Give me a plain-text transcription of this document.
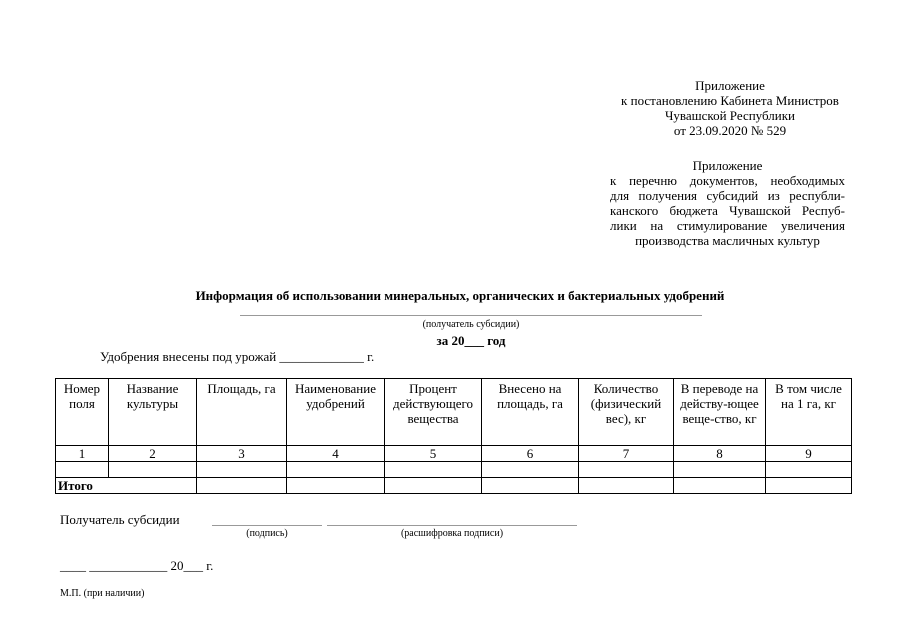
Приложение
к постановлению Кабинета Министров
Чувашской Республики
от 23.09.2020 № 529
Приложение
к перечню документов, необходимых
для получения субсидий из республи-
канского бюджета Чувашской Респуб-
лики на стимулирование увеличения
производства масличных культур
Информация об использовании минеральных, органических и бактериальных удобрений
(получатель субсидии)
за 20___ год
Удобрения внесены под урожай _____________ г.
Номер поля	Название культуры	Площадь, га	Наименование удобрений	Процент действующего вещества	Внесено на площадь, га	Количество (физический вес), кг	В переводе на действу-ющее веще-ство, кг	В том числе на 1 га, кг
1	2	3	4	5	6	7	8	9

Итого								
Получатель субсидии
(подпись)	(расшифровка подписи)
____ ____________ 20___ г.
М.П. (при наличии)
